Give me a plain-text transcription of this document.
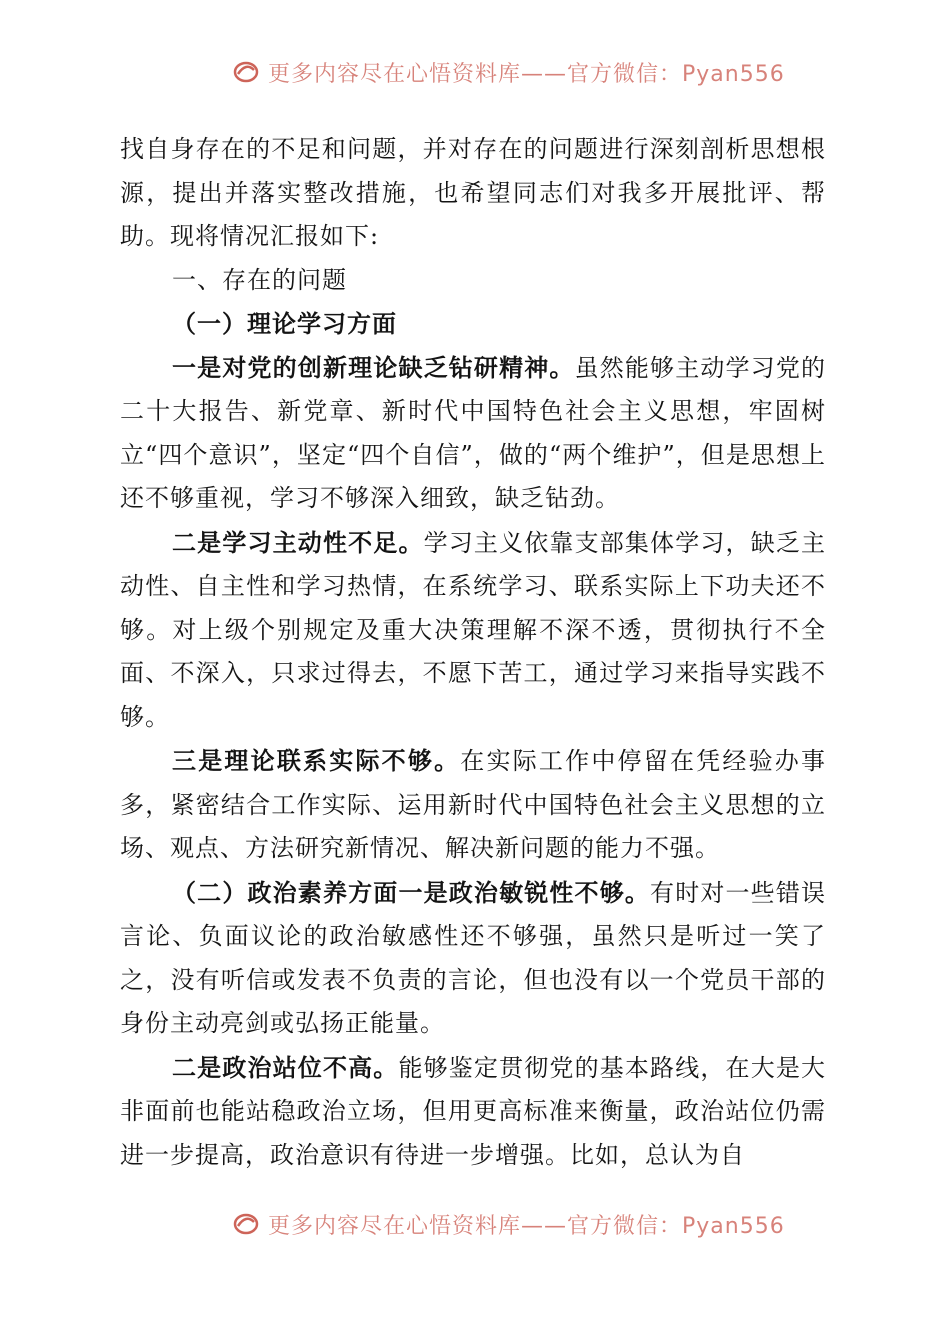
更多内容尽在心悟资料库——官方微信：Pyan556

找自身存在的不足和问题，并对存在的问题进行深刻剖析思想根源，提出并落实整改措施，也希望同志们对我多开展批评、帮助。现将情况汇报如下:

一、存在的问题

（一）理论学习方面

一是对党的创新理论缺乏钻研精神。虽然能够主动学习党的二十大报告、新党章、新时代中国特色社会主义思想，牢固树立“四个意识”，坚定“四个自信”，做的“两个维护”，但是思想上还不够重视，学习不够深入细致，缺乏钻劲。

二是学习主动性不足。学习主义依靠支部集体学习，缺乏主动性、自主性和学习热情，在系统学习、联系实际上下功夫还不够。对上级个别规定及重大决策理解不深不透，贯彻执行不全面、不深入，只求过得去，不愿下苦工，通过学习来指导实践不够。

三是理论联系实际不够。在实际工作中停留在凭经验办事多，紧密结合工作实际、运用新时代中国特色社会主义思想的立场、观点、方法研究新情况、解决新问题的能力不强。

（二）政治素养方面一是政治敏锐性不够。有时对一些错误言论、负面议论的政治敏感性还不够强，虽然只是听过一笑了之，没有听信或发表不负责的言论，但也没有以一个党员干部的身份主动亮剑或弘扬正能量。

二是政治站位不高。能够鉴定贯彻党的基本路线，在大是大非面前也能站稳政治立场，但用更高标准来衡量，政治站位仍需进一步提高，政治意识有待进一步增强。比如，总认为自

更多内容尽在心悟资料库——官方微信：Pyan556
